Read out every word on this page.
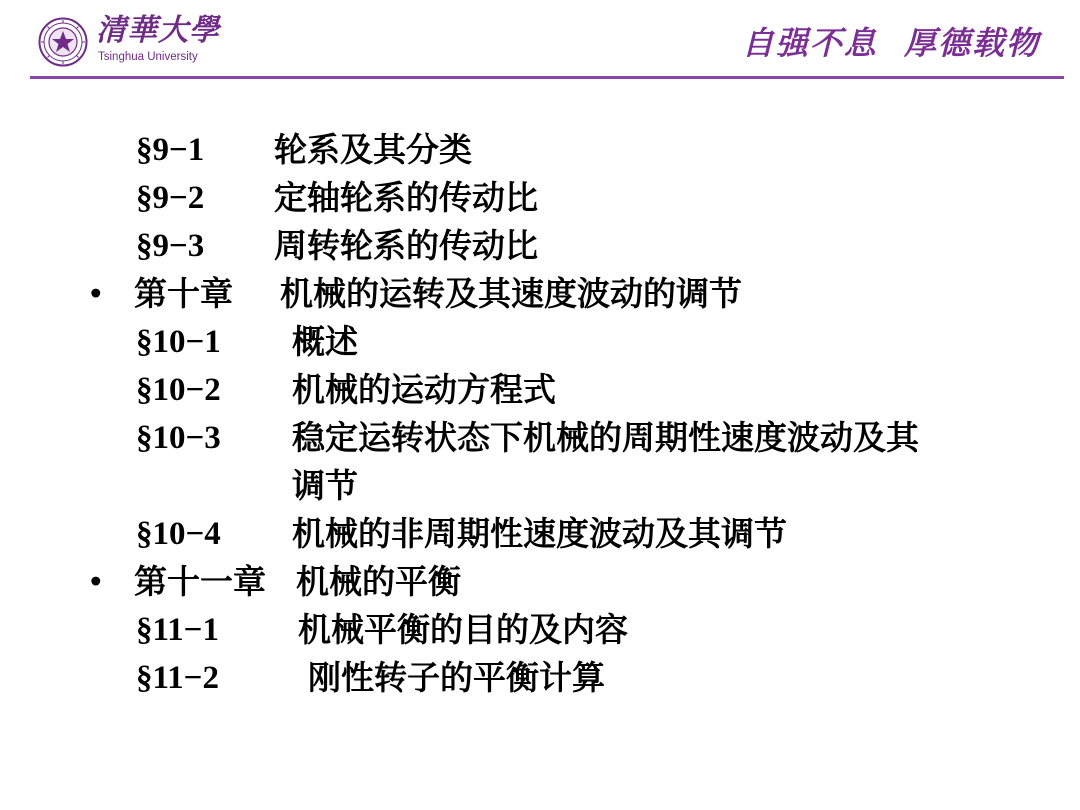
清華大學
Tsinghua University	自强不息  厚德载物
§9−1 轮系及其分类
§9−2 定轴轮系的传动比
§9−3 周转轮系的传动比
• 第十章 机械的运转及其速度波动的调节
§10−1 概述
§10−2 机械的运动方程式
§10−3 稳定运转状态下机械的周期性速度波动及其
调节
§10−4 机械的非周期性速度波动及其调节
• 第十一章 机械的平衡
§11−1 机械平衡的目的及内容
§11−2	刚性转子的平衡计算
